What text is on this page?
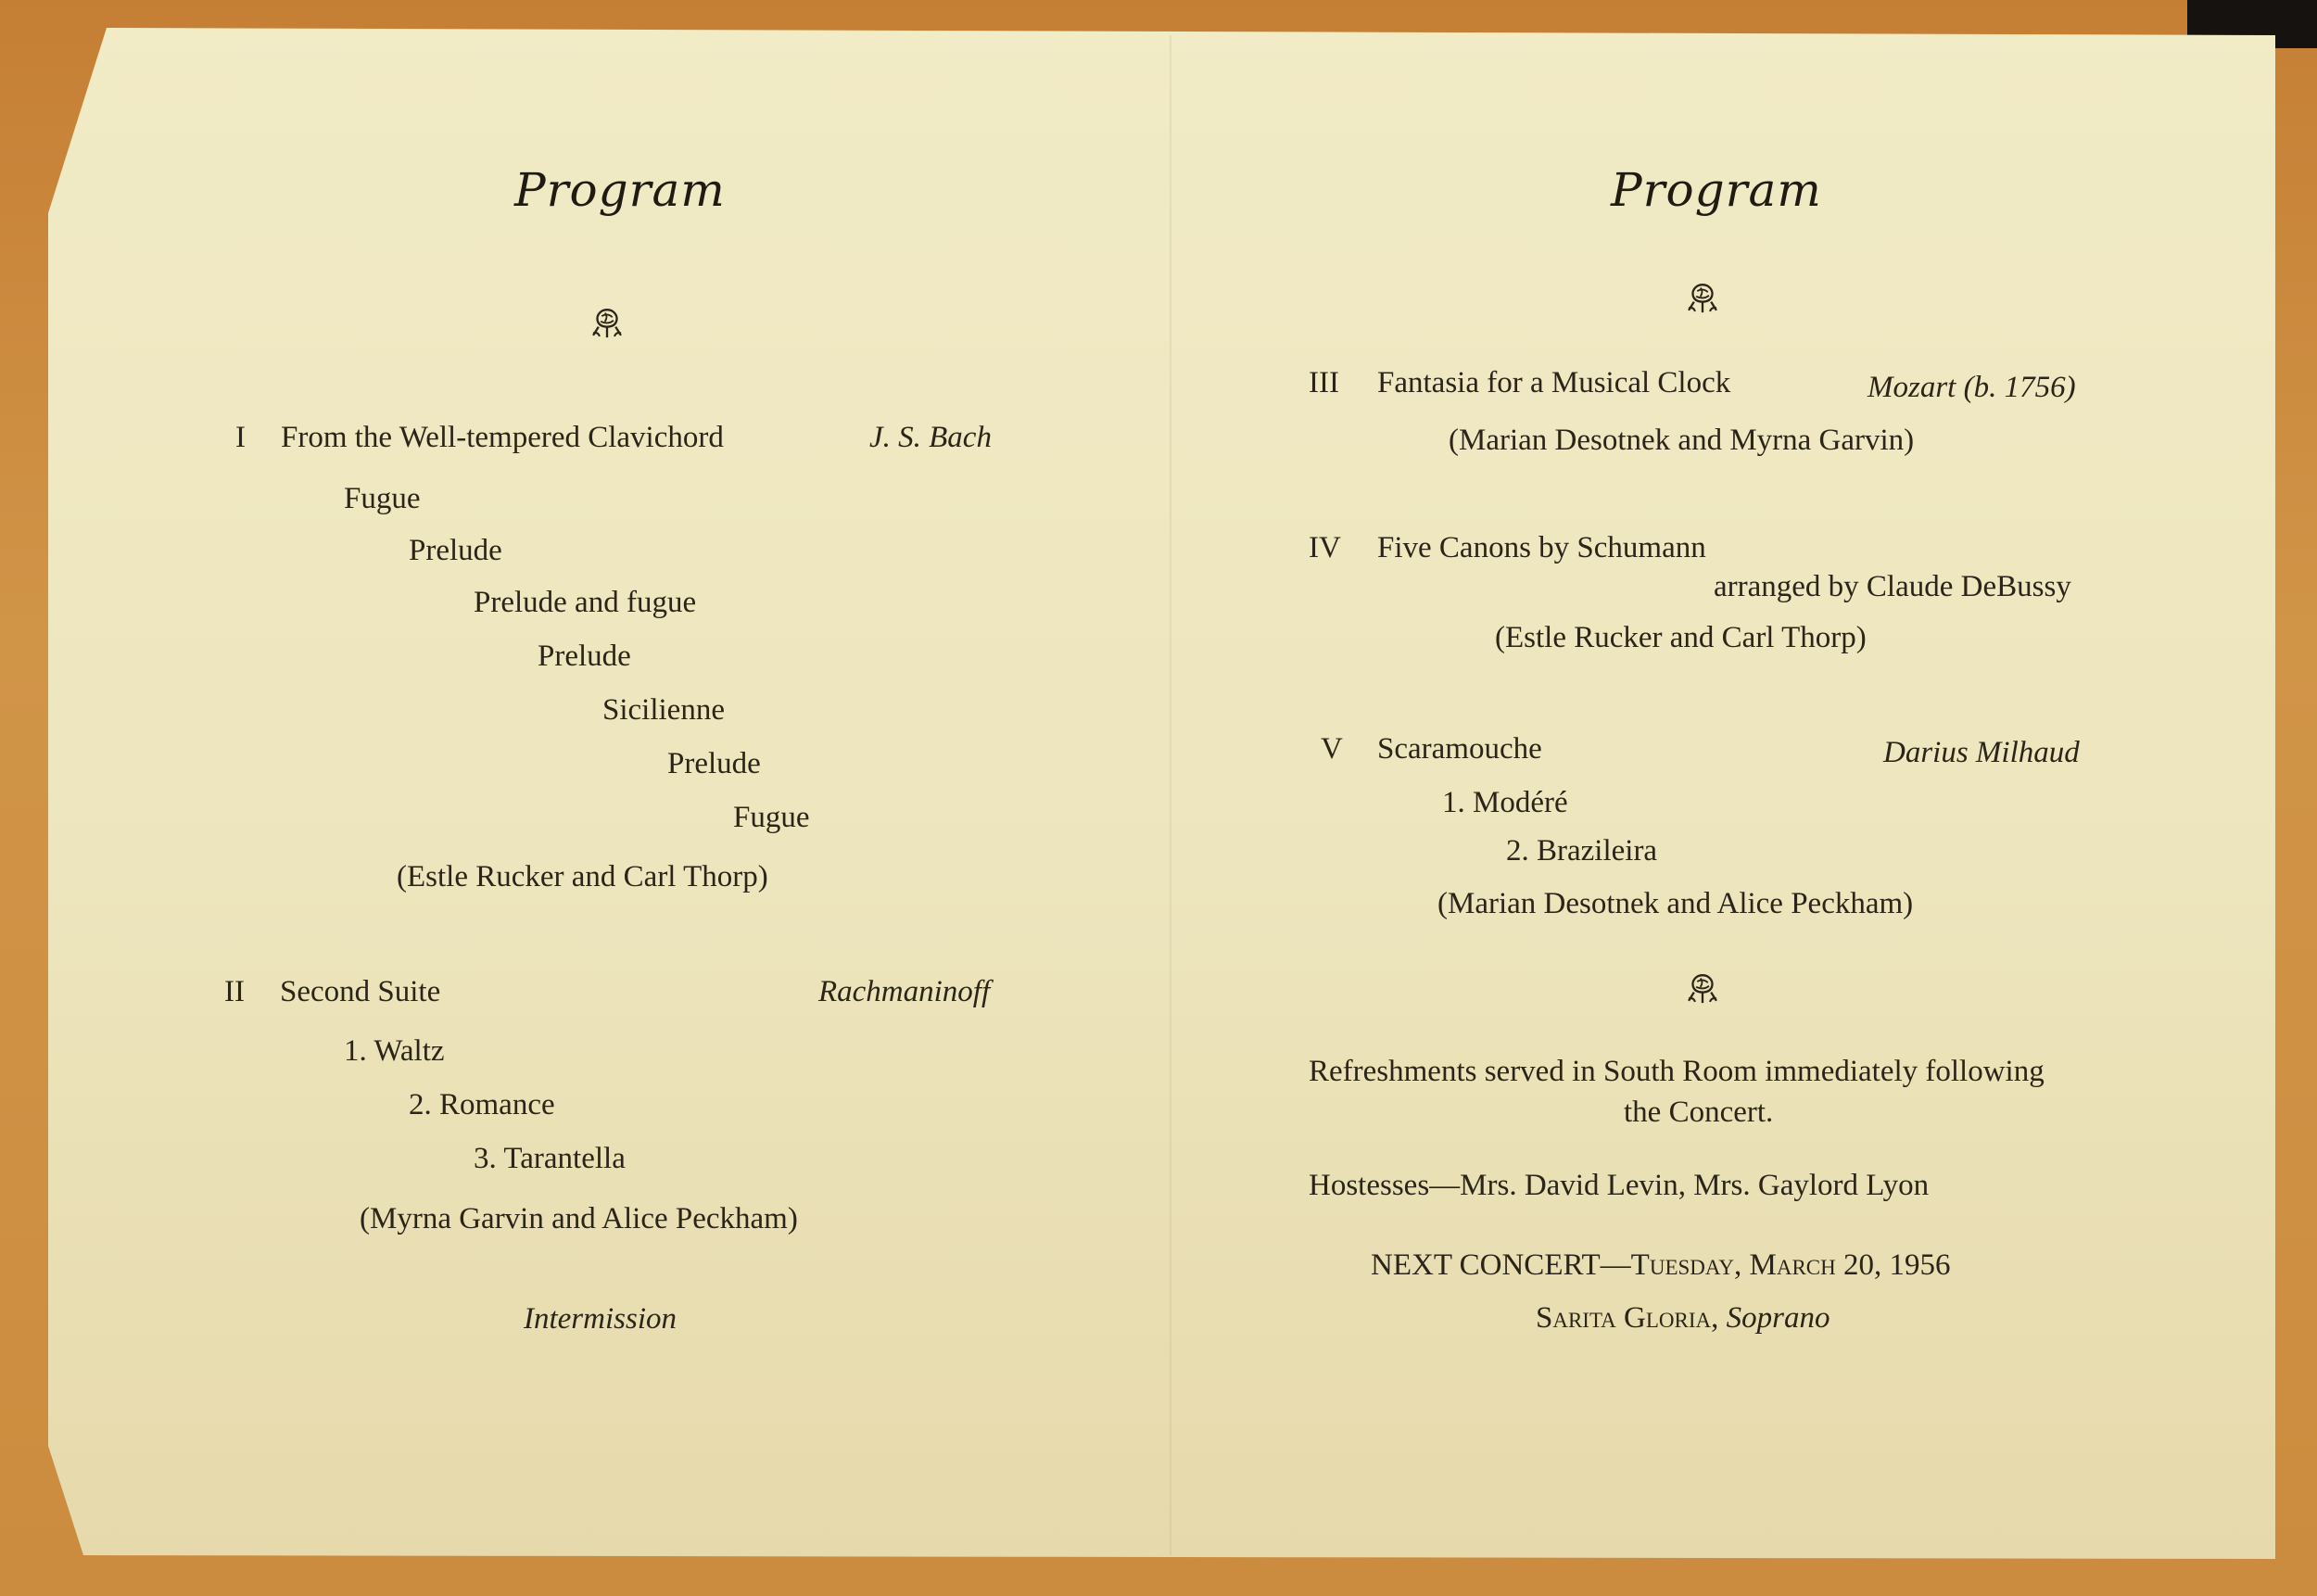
Program
I From the Well-tempered Clavichord	J. S. Bach
Fugue
Prelude
Prelude and fugue
Prelude
Sicilienne
Prelude
Fugue
(Estle Rucker and Carl Thorp)
II Second Suite	Rachmaninoff
1. Waltz
2. Romance
3. Tarantella
(Myrna Garvin and Alice Peckham)
Intermission
Program
III Fantasia for a Musical Clock	Mozart (b. 1756)
(Marian Desotnek and Myrna Garvin)
IV Five Canons by Schumann
arranged by Claude DeBussy
(Estle Rucker and Carl Thorp)
V Scaramouche	Darius Milhaud
1. Modéré
2. Brazileira
(Marian Desotnek and Alice Peckham)
Refreshments served in South Room immediately following
the Concert.
Hostesses—Mrs. David Levin, Mrs. Gaylord Lyon
NEXT CONCERT—Tuesday, March 20, 1956
Sarita Gloria, Soprano
